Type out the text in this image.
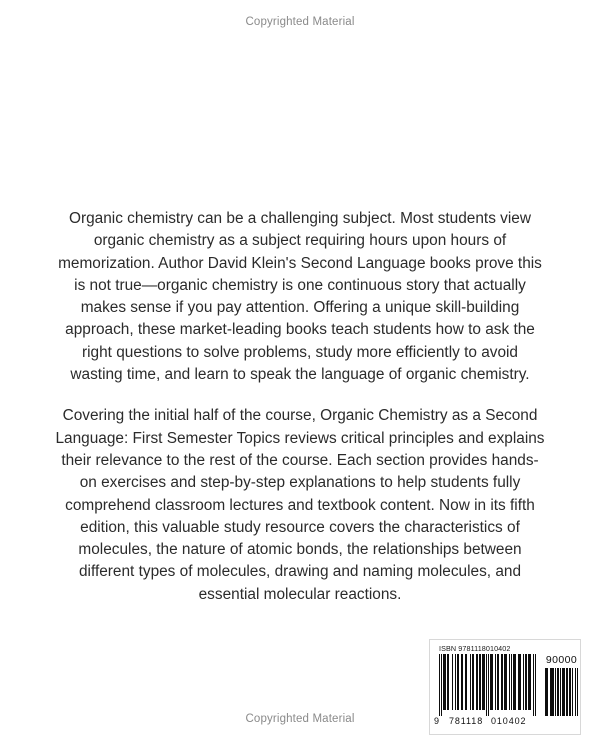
Copyrighted Material

Organic chemistry can be a challenging subject. Most students view organic chemistry as a subject requiring hours upon hours of memorization. Author David Klein's Second Language books prove this is not true—organic chemistry is one continuous story that actually makes sense if you pay attention. Offering a unique skill-building approach, these market-leading books teach students how to ask the right questions to solve problems, study more efficiently to avoid wasting time, and learn to speak the language of organic chemistry.

Covering the initial half of the course, Organic Chemistry as a Second Language: First Semester Topics reviews critical principles and explains their relevance to the rest of the course. Each section provides hands-on exercises and step-by-step explanations to help students fully comprehend classroom lectures and textbook content. Now in its fifth edition, this valuable study resource covers the characteristics of molecules, the nature of atomic bonds, the relationships between different types of molecules, drawing and naming molecules, and essential molecular reactions.

ISBN 9781118010402
9 781118 010402
90000
Copyrighted Material
